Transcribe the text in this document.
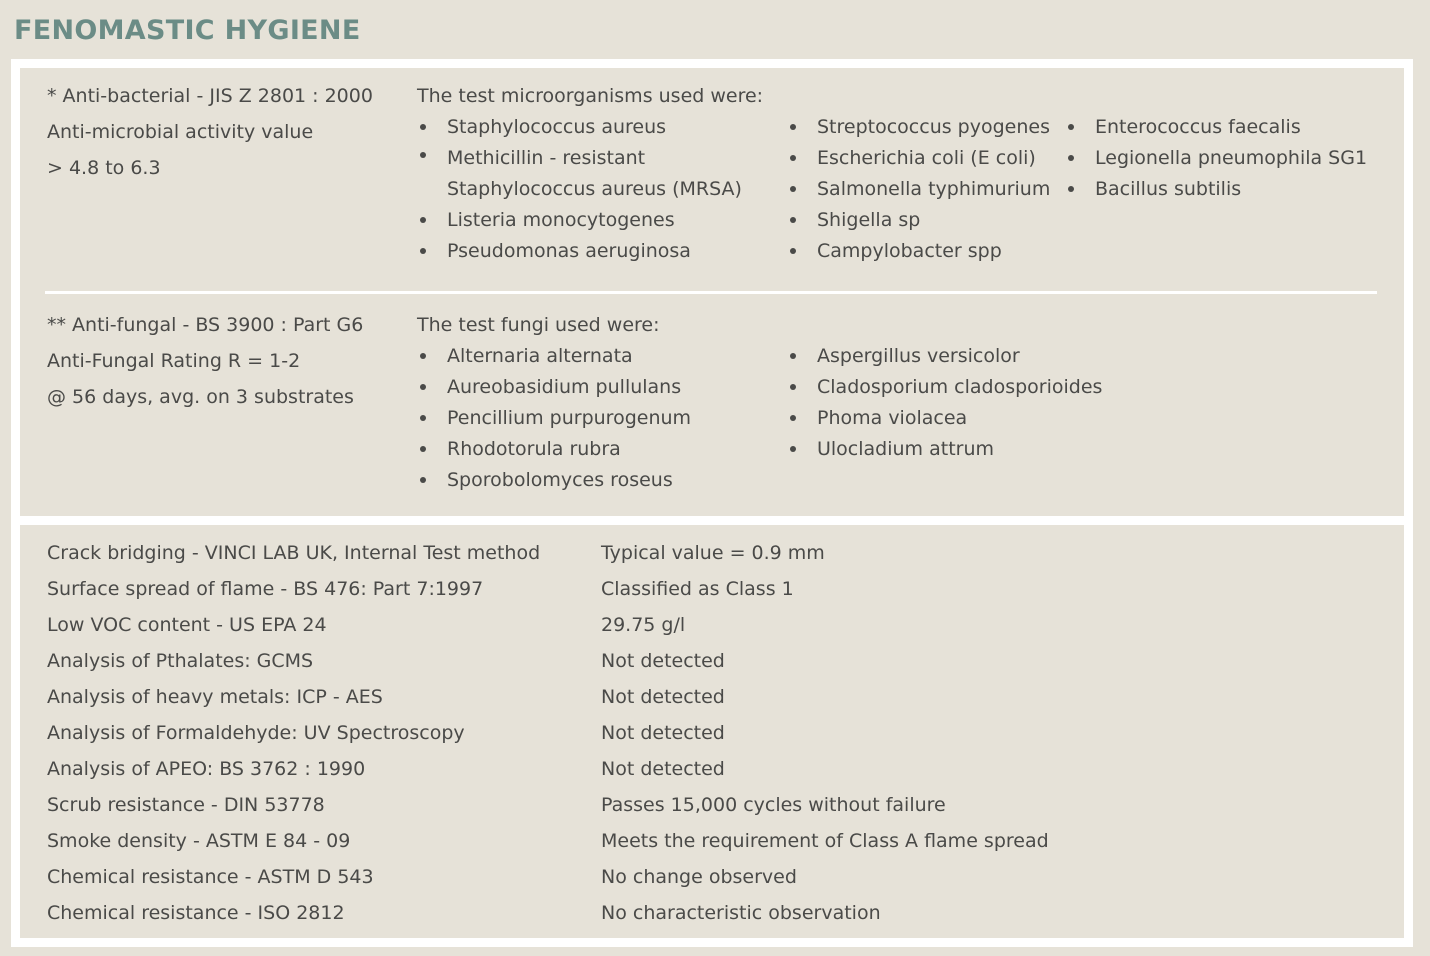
FENOMASTIC HYGIENE
* Anti-bacterial - JIS Z 2801 : 2000
Anti-microbial activity value
> 4.8 to 6.3
The test microorganisms used were:
Staphylococcus aureus
Methicillin - resistant Staphylococcus aureus (MRSA)
Listeria monocytogenes
Pseudomonas aeruginosa
Streptococcus pyogenes
Escherichia coli (E coli)
Salmonella typhimurium
Shigella sp
Campylobacter spp
Enterococcus faecalis
Legionella pneumophila SG1
Bacillus subtilis
** Anti-fungal - BS 3900 : Part G6
Anti-Fungal Rating R = 1-2
@ 56 days, avg. on 3 substrates
The test fungi used were:
Alternaria alternata
Aureobasidium pullulans
Pencillium purpurogenum
Rhodotorula rubra
Sporobolomyces roseus
Aspergillus versicolor
Cladosporium cladosporioides
Phoma violacea
Ulocladium attrum
Crack bridging - VINCI LAB UK, Internal Test method	Typical value = 0.9 mm
Surface spread of flame - BS 476: Part 7:1997	Classified as Class 1
Low VOC content - US EPA 24	29.75 g/l
Analysis of Pthalates: GCMS	Not detected
Analysis of heavy metals: ICP - AES	Not detected
Analysis of Formaldehyde: UV Spectroscopy	Not detected
Analysis of APEO: BS 3762 : 1990	Not detected
Scrub resistance - DIN 53778	Passes 15,000 cycles without failure
Smoke density - ASTM E 84 - 09	Meets the requirement of Class A flame spread
Chemical resistance - ASTM D 543	No change observed
Chemical resistance - ISO 2812	No characteristic observation
